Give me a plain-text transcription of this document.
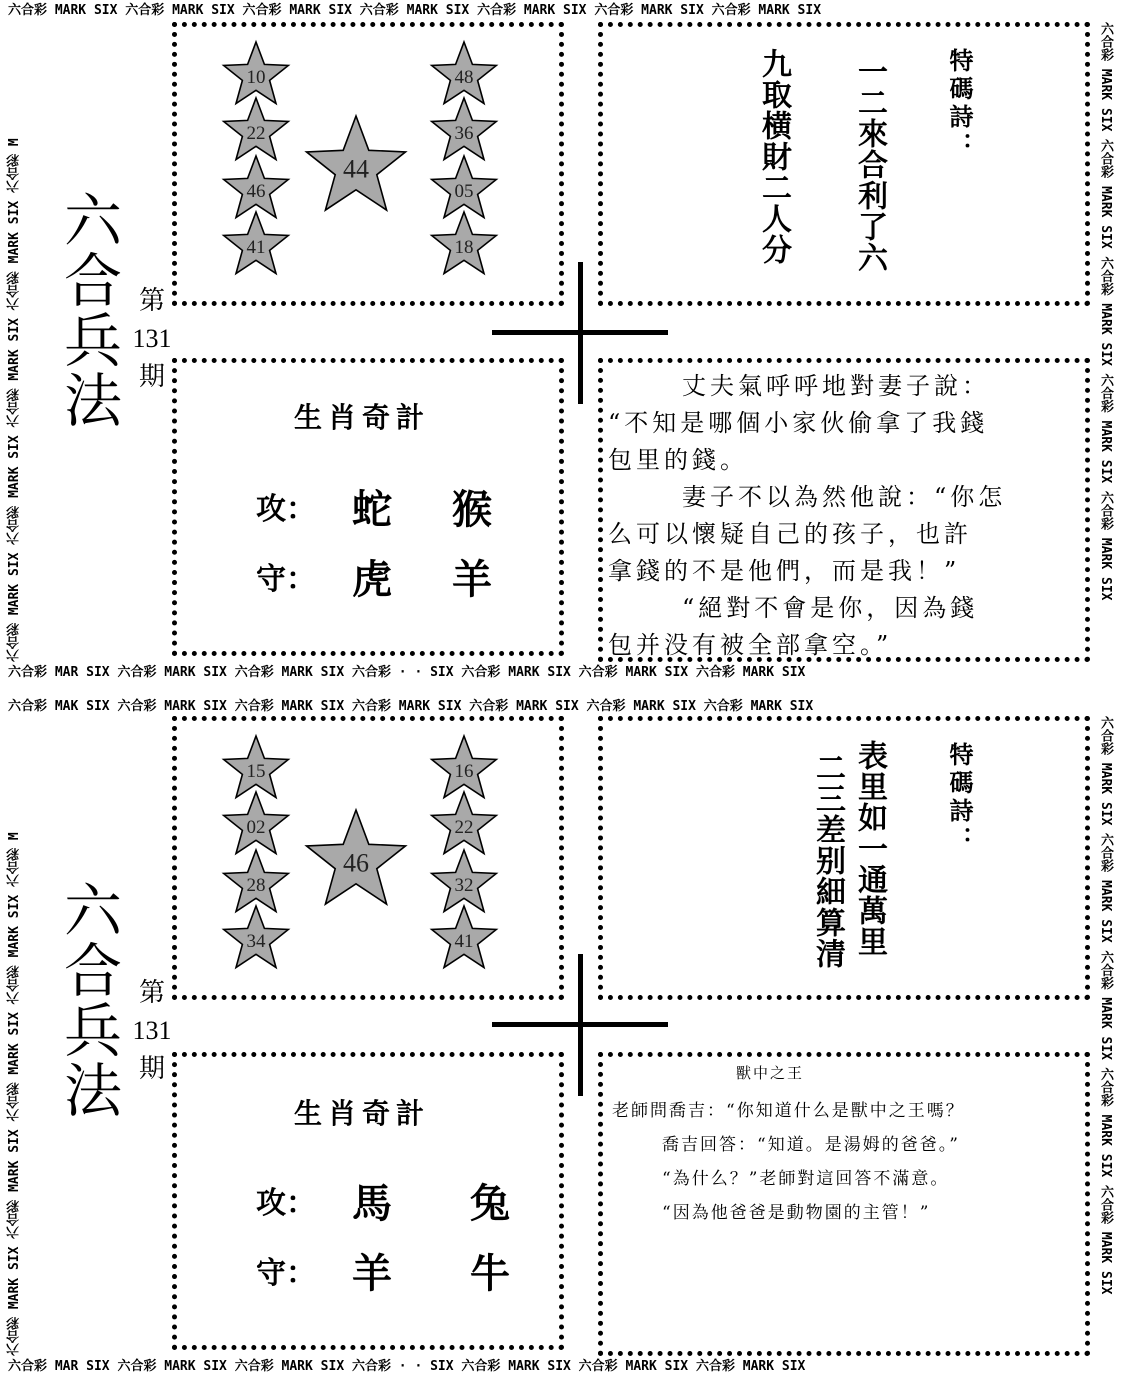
六合彩 MARK SIX 六合彩 MARK SIX 六合彩 MARK SIX 六合彩 MARK SIX 六合彩 MARK SIX 六合彩 MARK SIX 六合彩 MARK SIX
六合彩 MAR SIX 六合彩 MARK SIX 六合彩 MARK SIX 六合彩 · · SIX 六合彩 MARK SIX 六合彩 MARK SIX 六合彩 MARK SIX
六合彩 MAK SIX 六合彩 MARK SIX 六合彩 MARK SIX 六合彩 MARK SIX 六合彩 MARK SIX 六合彩 MARK SIX 六合彩 MARK SIX
六合彩 MAR SIX 六合彩 MARK SIX 六合彩 MARK SIX 六合彩 · · SIX 六合彩 MARK SIX 六合彩 MARK SIX 六合彩 MARK SIX
六合彩 MARK SIX 六合彩 MARK SIX 六合彩 MARK SIX 六合彩 MARK SIX 六合彩 M
六合彩 MARK SIX 六合彩 MARK SIX 六合彩 MARK SIX 六合彩 MARK SIX 六合彩 M
六合彩 MARK SIX 六合彩 MARK SIX 六合彩 MARK SIX 六合彩 MARK SIX 六合彩 MARK SIX
六合彩 MARK SIX 六合彩 MARK SIX 六合彩 MARK SIX 六合彩 MARK SIX 六合彩 MARK SIX
六合兵法 第
131
期
10
22
46
41
48
36
05
18
44
特碼詩：
一二來合利了六
九取横財二人分
生肖奇計
攻： 蛇 猴
守： 虎 羊

丈夫氣呼呼地對妻子說：

“不知是哪個小家伙偷拿了我錢

包里的錢。

妻子不以為然他說：“你怎

么可以懷疑自己的孩子，也許

拿錢的不是他們，而是我！”

“絕對不會是你，因為錢

包并没有被全部拿空。”

六合兵法 第
131
期
15
02
28
34
16
22
32
41
46
特碼詩：
表里如一通萬里
二三差别細算清
生肖奇計
攻： 馬 兔
守： 羊 牛

獸中之王

老師問喬吉：“你知道什么是獸中之王嗎？

喬吉回答：“知道。是湯姆的爸爸。”

“為什么？”老師對這回答不滿意。

“因為他爸爸是動物園的主管！”
